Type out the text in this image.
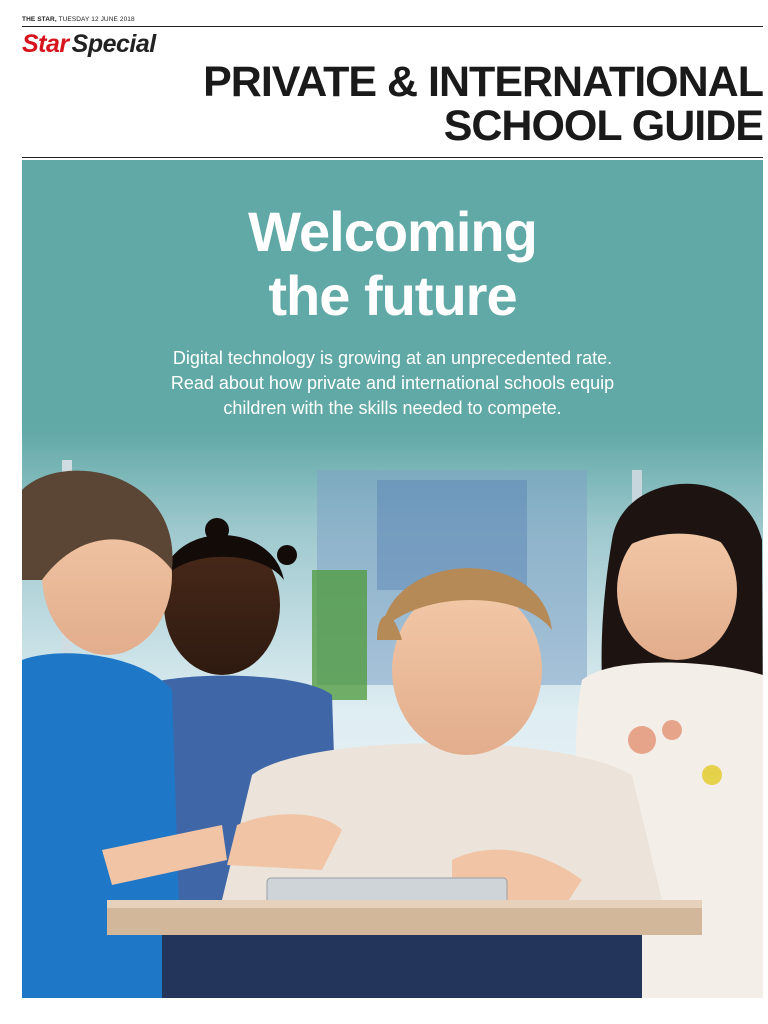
THE STAR, TUESDAY 12 JUNE 2018
Star Special
PRIVATE & INTERNATIONAL
SCHOOL GUIDE
Welcoming
the future
Digital technology is growing at an unprecedented rate.
Read about how private and international schools equip
children with the skills needed to compete.
